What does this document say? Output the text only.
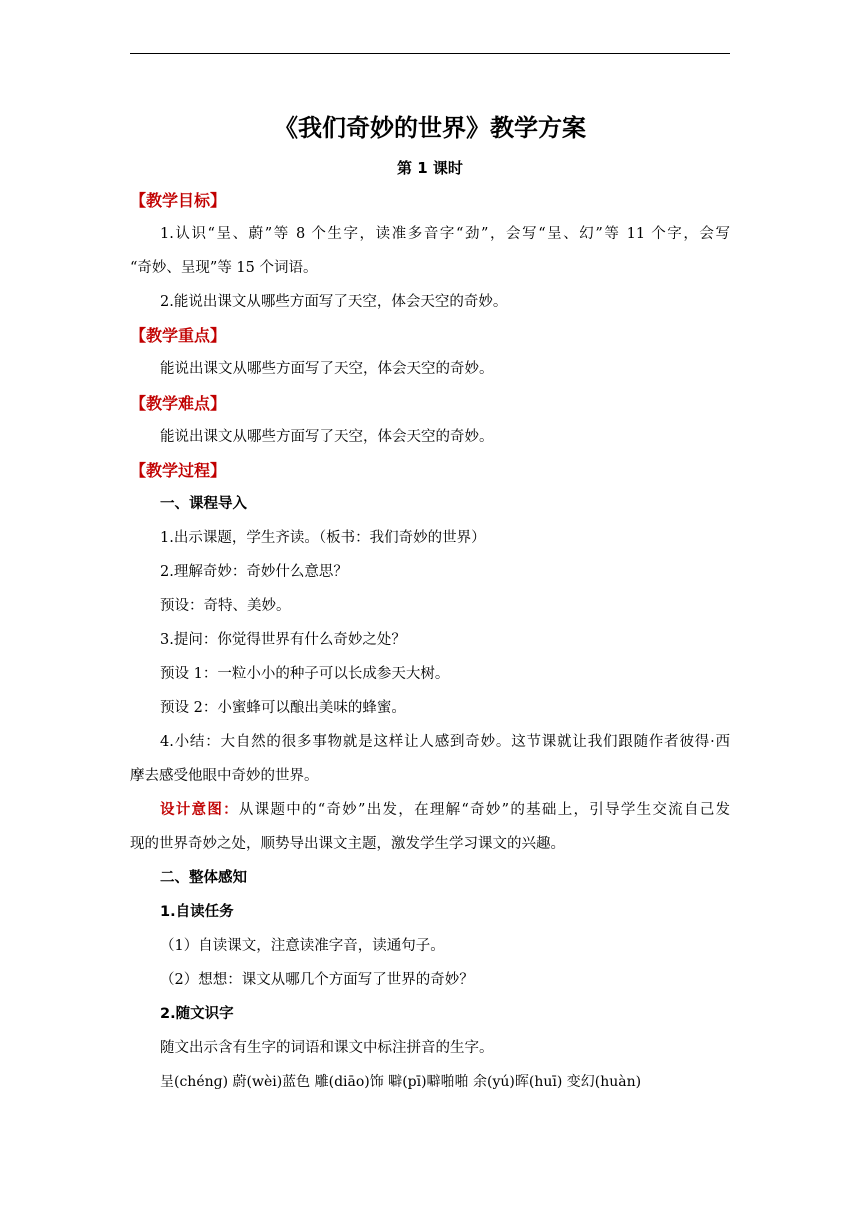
《我们奇妙的世界》教学方案
第 1 课时
【教学目标】
1.认识“呈、蔚”等 8 个生字，读准多音字“劲”，会写“呈、幻”等 11 个字，会写
“奇妙、呈现”等 15 个词语。
2.能说出课文从哪些方面写了天空，体会天空的奇妙。
【教学重点】
能说出课文从哪些方面写了天空，体会天空的奇妙。
【教学难点】
能说出课文从哪些方面写了天空，体会天空的奇妙。
【教学过程】
一、课程导入
1.出示课题，学生齐读。（板书：我们奇妙的世界）
2.理解奇妙：奇妙什么意思？
预设：奇特、美妙。
3.提问：你觉得世界有什么奇妙之处？
预设 1：一粒小小的种子可以长成参天大树。
预设 2：小蜜蜂可以酿出美味的蜂蜜。
4.小结：大自然的很多事物就是这样让人感到奇妙。这节课就让我们跟随作者彼得·西
摩去感受他眼中奇妙的世界。
设计意图：从课题中的“奇妙”出发，在理解“奇妙”的基础上，引导学生交流自己发
现的世界奇妙之处，顺势导出课文主题，激发学生学习课文的兴趣。
二、整体感知
1.自读任务
（1）自读课文，注意读准字音，读通句子。
（2）想想：课文从哪几个方面写了世界的奇妙？
2.随文识字
随文出示含有生字的词语和课文中标注拼音的生字。
呈(chénɡ) 蔚(wèi)蓝色 雕(diāo)饰 噼(pī)噼啪啪 余(yú)晖(huī) 变幻(huàn)
